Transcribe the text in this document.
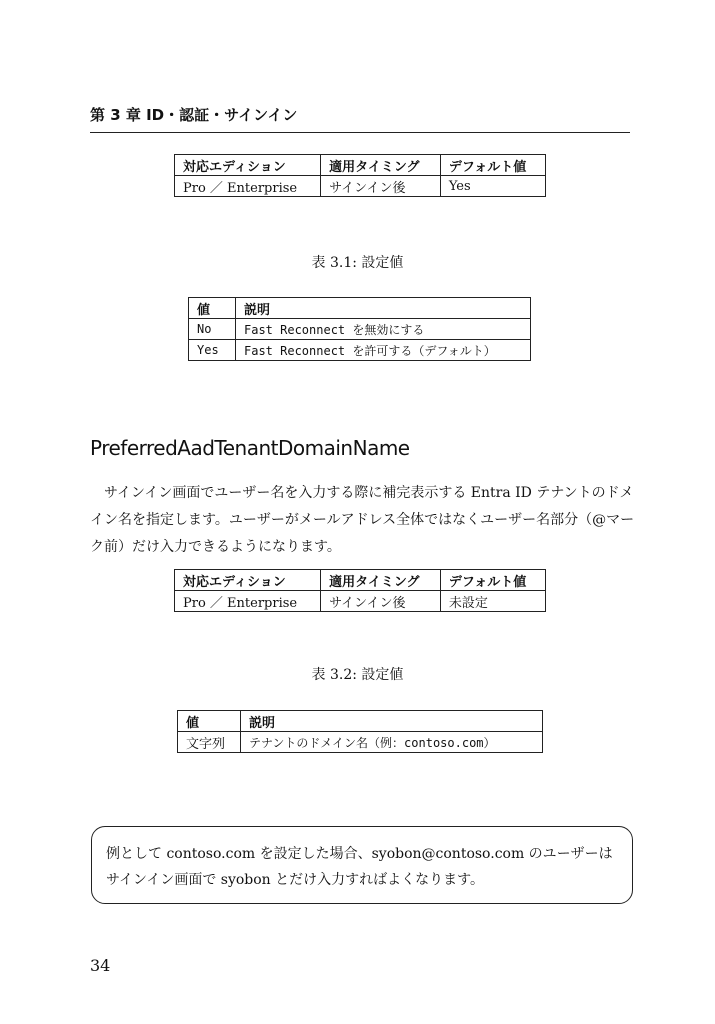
第 3 章 ID・認証・サインイン
対応エディション	適用タイミング	デフォルト値
Pro ／ Enterprise	サインイン後	Yes
表 3.1: 設定値
値	説明
No	Fast Reconnect を無効にする
Yes	Fast Reconnect を許可する（デフォルト）
PreferredAadTenantDomainName
サインイン画面でユーザー名を入力する際に補完表示する Entra ID テナントのドメイン名を指定します。ユーザーがメールアドレス全体ではなくユーザー名部分（@マーク前）だけ入力できるようになります。
対応エディション	適用タイミング	デフォルト値
Pro ／ Enterprise	サインイン後	未設定
表 3.2: 設定値
値	説明
文字列	テナントのドメイン名（例：contoso.com）
例として contoso.com を設定した場合、syobon@contoso.com のユーザーはサインイン画面で syobon とだけ入力すればよくなります。
34
